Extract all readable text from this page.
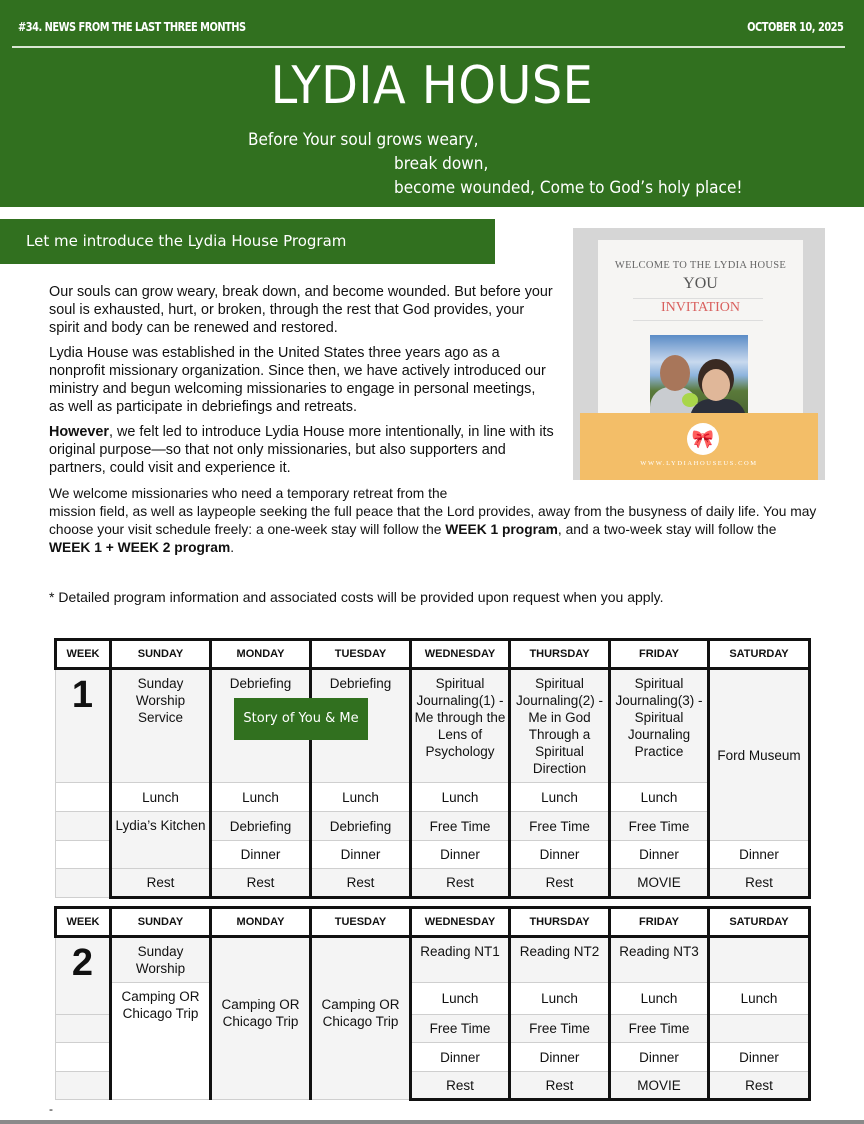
#34. NEWS FROM THE LAST THREE MONTHS	OCTOBER 10, 2025
LYDIA HOUSE
Before Your soul grows weary,
break down,
become wounded, Come to God’s holy place!
Let me introduce the Lydia House Program
WELCOME TO THE LYDIA HOUSE
YOU
INVITATION
🎀
WWW.LYDIAHOUSEUS.COM

Our souls can grow weary, break down, and become wounded. But before your soul is exhausted, hurt, or broken, through the rest that God provides, your spirit and body can be renewed and restored.

Lydia House was established in the United States three years ago as a nonprofit missionary organization. Since then, we have actively introduced our ministry and begun welcoming missionaries to engage in personal meetings, as well as participate in debriefings and retreats.

However, we felt led to introduce Lydia House more intentionally, in line with its original purpose—so that not only missionaries, but also supporters and partners, could visit and experience it.

We welcome missionaries who need a temporary retreat from the
mission field, as well as laypeople seeking the full peace that the Lord provides, away from the busyness of daily life. You may choose your visit schedule freely: a one-week stay will follow the WEEK 1 program, and a two-week stay will follow the WEEK 1 + WEEK 2 program.

* Detailed program information and associated costs will be provided upon request when you apply.

WEEK	SUNDAY	MONDAY	TUESDAY	WEDNESDAY	THURSDAY	FRIDAY	SATURDAY

1	Sunday Worship Service	Debriefing	Debriefing	Spiritual Journaling(1) - Me through the Lens of Psychology	Spiritual Journaling(2) - Me in God Through a Spiritual Direction	Spiritual Journaling(3) - Spiritual Journaling Practice	Ford Museum
	Lunch	Lunch	Lunch	Lunch	Lunch	Lunch	
	Lydia’s Kitchen	Debriefing	Debriefing	Free Time	Free Time	Free Time	
		Dinner	Dinner	Dinner	Dinner	Dinner	Dinner
	Rest	Rest	Rest	Rest	Rest	MOVIE	Rest
Story of You & Me
WEEK	SUNDAY	MONDAY	TUESDAY	WEDNESDAY	THURSDAY	FRIDAY	SATURDAY

2	Sunday Worship	Camping OR Chicago Trip	Camping OR Chicago Trip	Reading NT1	Reading NT2	Reading NT3	
	Camping OR Chicago Trip			Lunch	Lunch	Lunch	Lunch
				Free Time	Free Time	Free Time	
				Dinner	Dinner	Dinner	Dinner
				Rest	Rest	MOVIE	Rest
-
